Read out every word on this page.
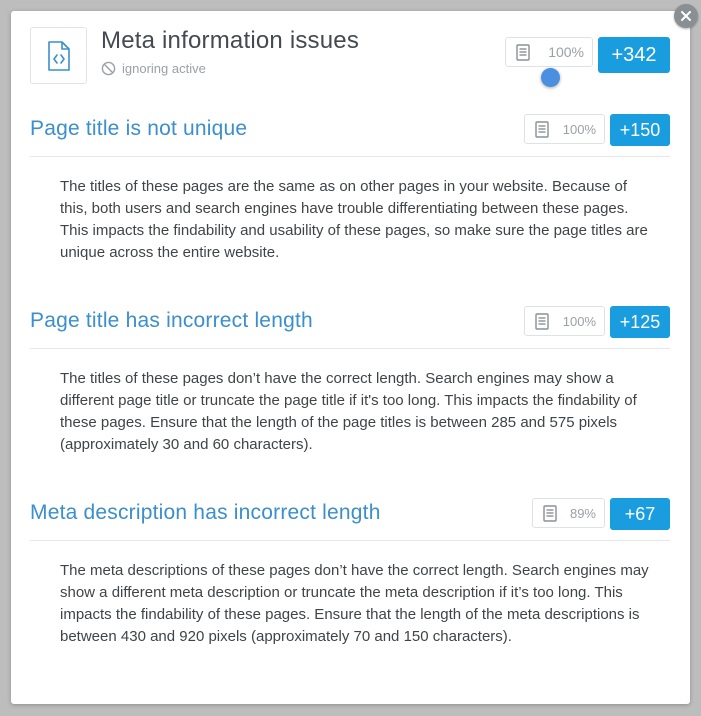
Meta information issues
ignoring active
100%	+342
Page title is not unique	100%	+150
The titles of these pages are the same as on other pages in your website. Because of this, both users and search engines have trouble differentiating between these pages. This impacts the findability and usability of these pages, so make sure the page titles are unique across the entire website.
Page title has incorrect length	100%	+125
The titles of these pages don’t have the correct length. Search engines may show a different page title or truncate the page title if it's too long. This impacts the findability of these pages. Ensure that the length of the page titles is between 285 and 575 pixels (approximately 30 and 60 characters).
Meta description has incorrect length	89%	+67
The meta descriptions of these pages don’t have the correct length. Search engines may show a different meta description or truncate the meta description if it’s too long. This impacts the findability of these pages. Ensure that the length of the meta descriptions is between 430 and 920 pixels (approximately 70 and 150 characters).
